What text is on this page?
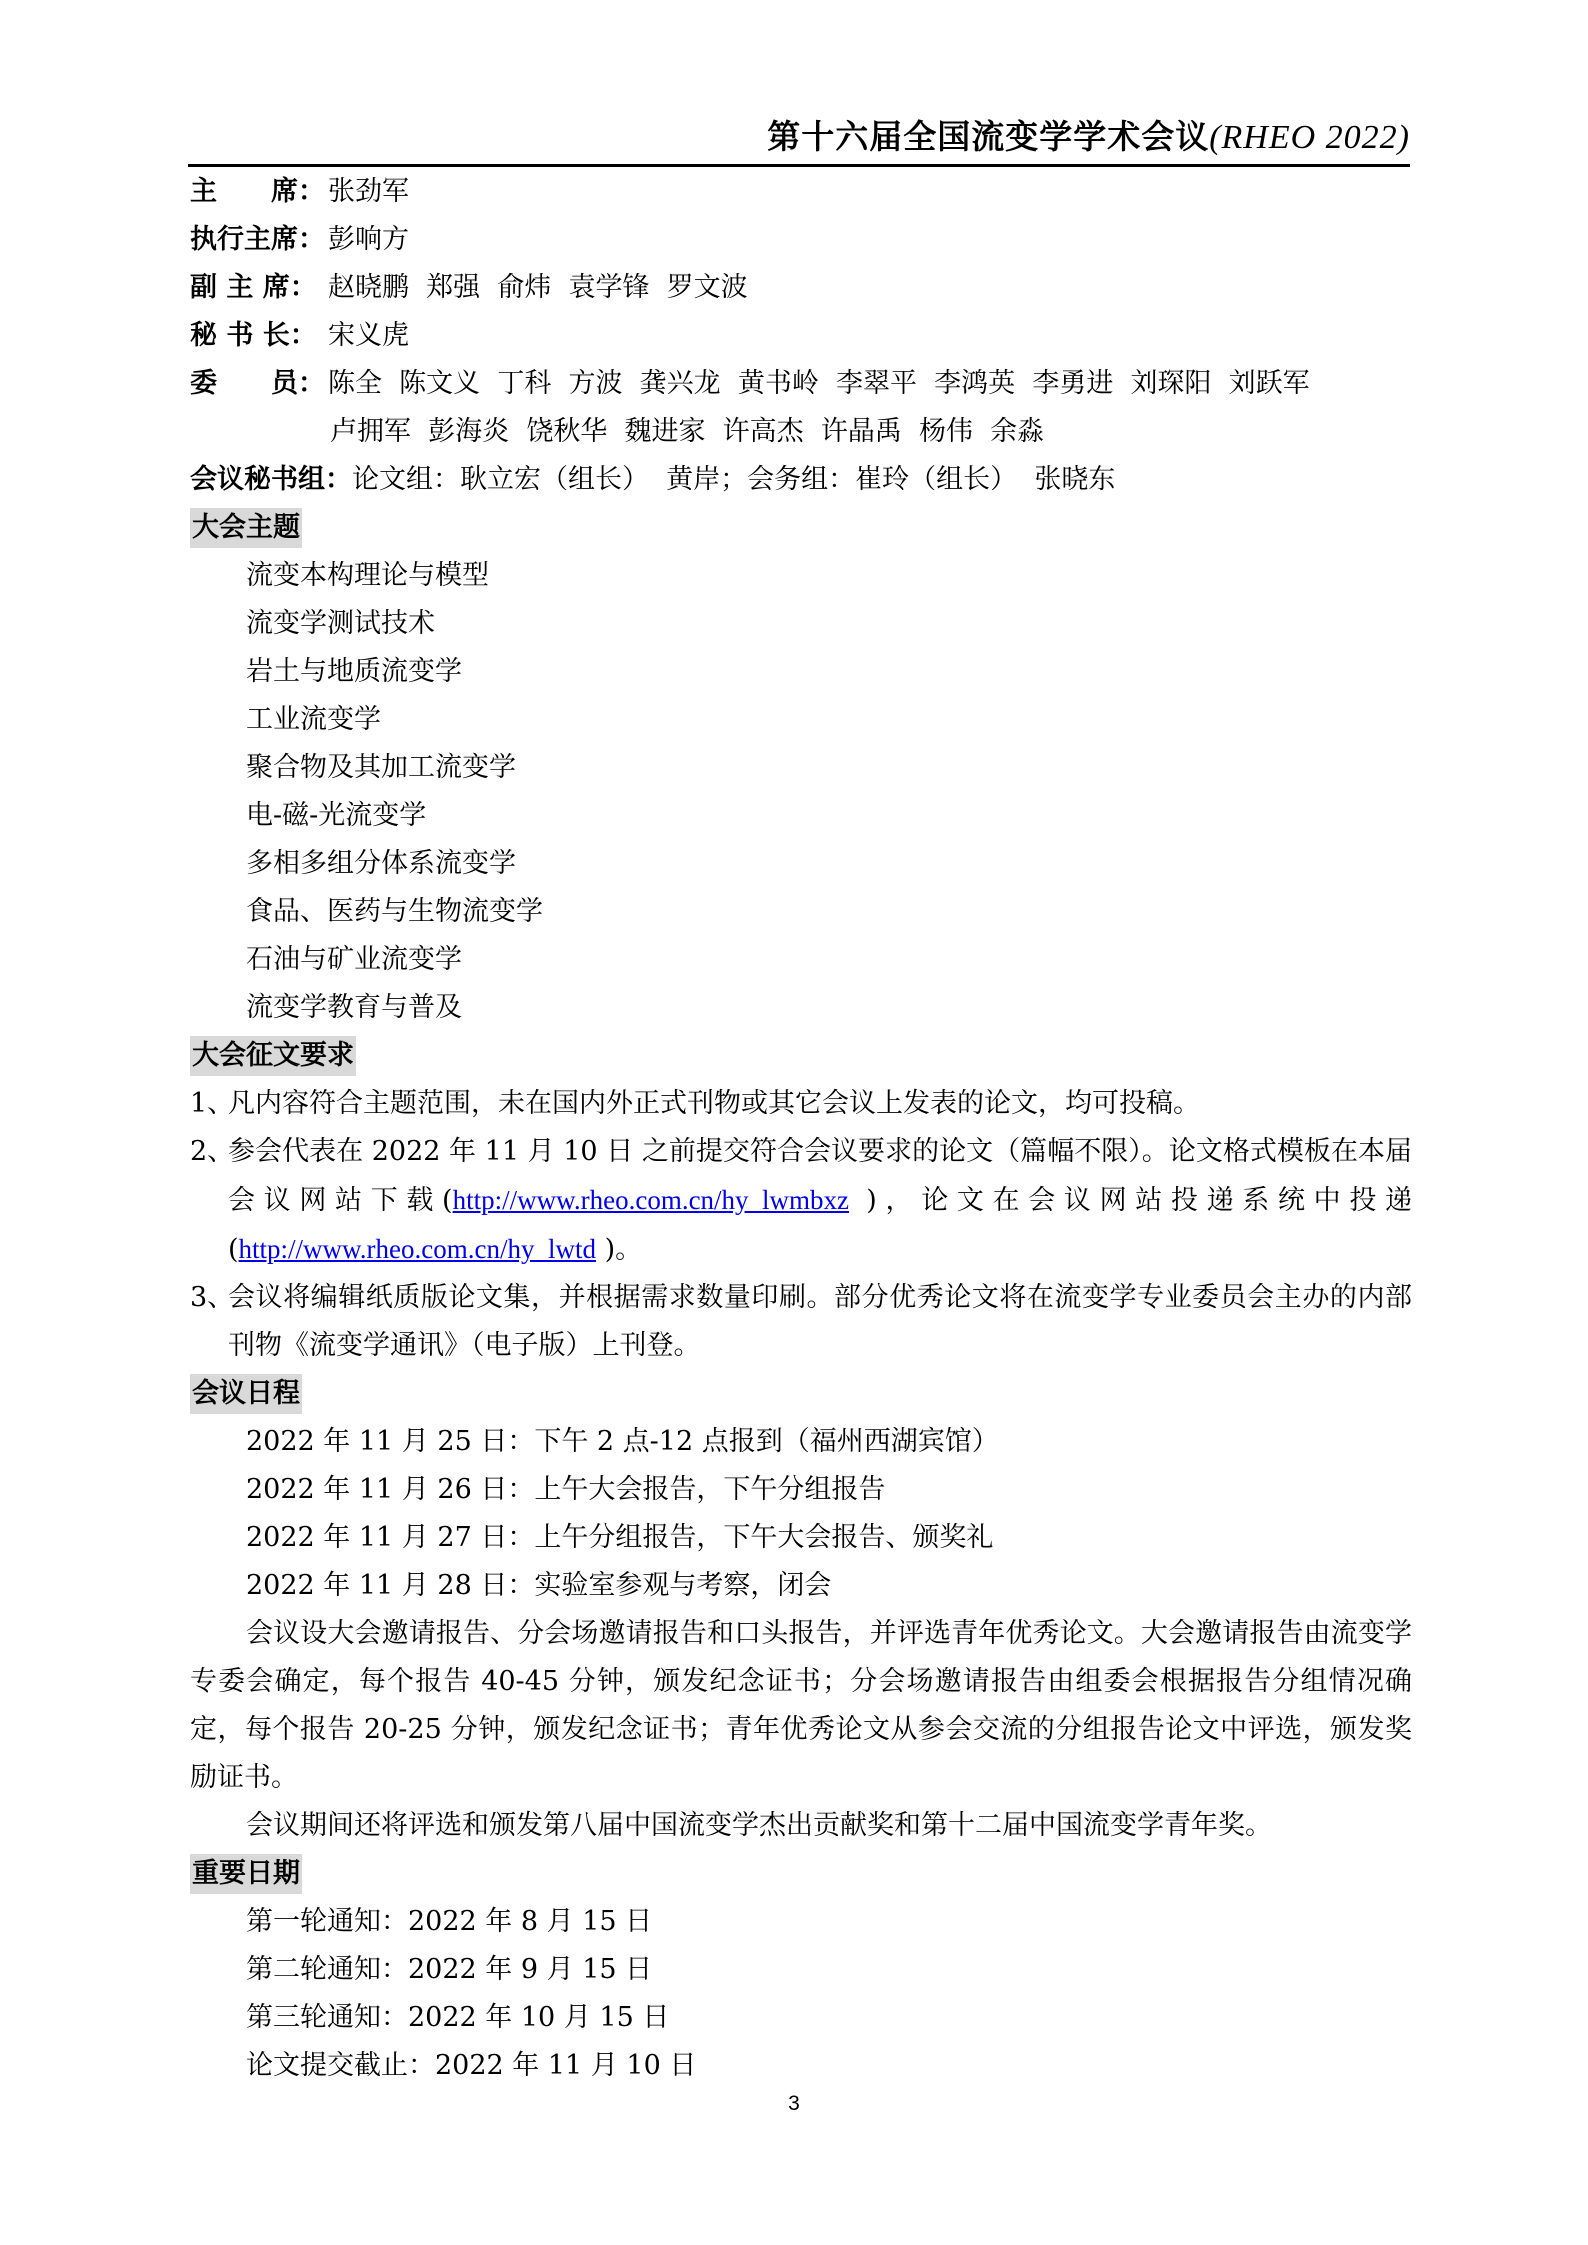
第十六届全国流变学学术会议(RHEO 2022)
主　　席： 张劲军
执行主席： 彭响方
副 主 席： 赵晓鹏  郑强  俞炜  袁学锋  罗文波
秘 书 长： 宋义虎
委　　员： 陈全  陈文义  丁科  方波  龚兴龙  黄书岭  李翠平  李鸿英  李勇进  刘琛阳  刘跃军
卢拥军  彭海炎  饶秋华  魏进家  许高杰  许晶禹  杨伟  余淼
会议秘书组：论文组：耿立宏（组长）  黄岸；会务组：崔玲（组长）  张晓东
大会主题
流变本构理论与模型
流变学测试技术
岩土与地质流变学
工业流变学
聚合物及其加工流变学
电-磁-光流变学
多相多组分体系流变学
食品、医药与生物流变学
石油与矿业流变学
流变学教育与普及
大会征文要求
1、
凡内容符合主题范围，未在国内外正式刊物或其它会议上发表的论文，均可投稿。
2、
参会代表在 2022 年 11 月 10 日 之前提交符合会议要求的论文（篇幅不限）。论文格式模板在本届会议网站下载(http://www.rheo.com.cn/hy_lwmbxz )，论文在会议网站投递系统中投递(http://www.rheo.com.cn/hy_lwtd )。
3、
会议将编辑纸质版论文集，并根据需求数量印刷。部分优秀论文将在流变学专业委员会主办的内部刊物《流变学通讯》（电子版）上刊登。
会议日程
2022 年 11 月 25 日：下午 2 点-12 点报到（福州西湖宾馆）
2022 年 11 月 26 日：上午大会报告，下午分组报告
2022 年 11 月 27 日：上午分组报告，下午大会报告、颁奖礼
2022 年 11 月 28 日：实验室参观与考察，闭会
会议设大会邀请报告、分会场邀请报告和口头报告，并评选青年优秀论文。大会邀请报告由流变学专委会确定，每个报告 40-45 分钟，颁发纪念证书；分会场邀请报告由组委会根据报告分组情况确定，每个报告 20-25 分钟，颁发纪念证书；青年优秀论文从参会交流的分组报告论文中评选，颁发奖励证书。
会议期间还将评选和颁发第八届中国流变学杰出贡献奖和第十二届中国流变学青年奖。
重要日期
第一轮通知：2022 年 8 月 15 日
第二轮通知：2022 年 9 月 15 日
第三轮通知：2022 年 10 月 15 日
论文提交截止：2022 年 11 月 10 日
3
